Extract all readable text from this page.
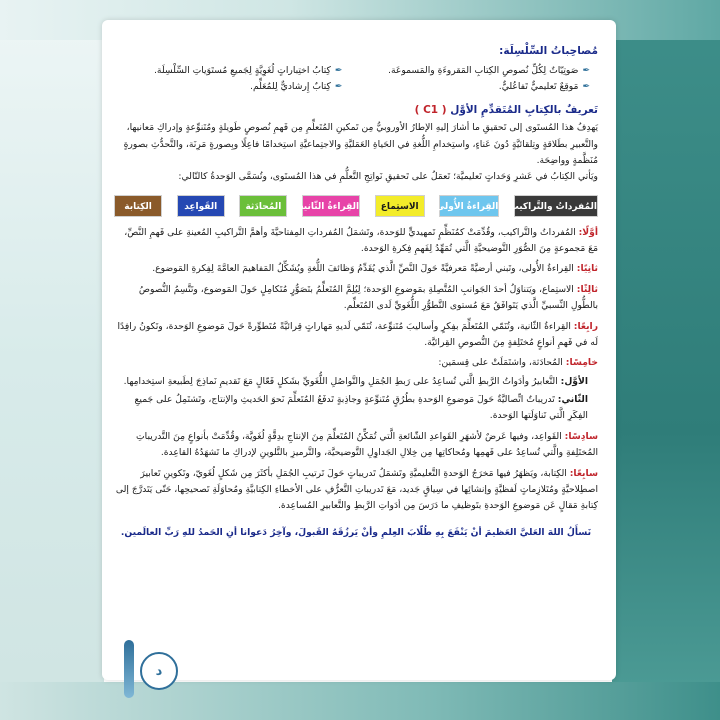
مُصاحِباتُ السِّلْسِلَة:
✒صَوتِيّاتٌ لِكُلِّ نُصوصِ الكِتابِ المَقروءَةِ والمَسموعَة.
✒مَوقِعٌ تَعليميٌّ تَفاعُليٌّ.
✒كِتابُ اختِباراتٍ لُغَوِيَّةٍ لِجَميعِ مُستَوَياتِ السِّلْسِلَة.
✒كِتابٌ إِرشاديٌّ لِلمُعَلِّم.
تَعريفٌ بالكِتابِ المُتَقدِّمِ الأوَّل ( C1 )

يَهدِفُ هذا المُستَوى إلى تَحقيقِ ما أشارَ إليهِ الإطارُ الأوروبيُّ مِن تَمكينِ المُتَعلِّمِ مِن فَهمِ نُصوصٍ طَويلةٍ ومُتَنوِّعةٍ وإدراكِ مَعانيها، والتَّعبيرِ بطَلاقةٍ وتِلقائيَّةٍ دُونَ عَناءٍ، واستِخدامِ اللُّغةِ في الحَياةِ العَمَليَّةِ والاجتِماعيَّةِ استِخدامًا فاعِلًا وبِصورةٍ مَرِنَة، والتَّحدُّثِ بصورةٍ مُنَظَّمةٍ وواضِحَة.

ويَأتي الكِتابُ في عَشرِ وَحَداتٍ تَعليميَّة؛ تَعمَلُ على تَحقيقِ نَواتِجِ التَّعلُّمِ في هذا المُستَوى، وتُسَمَّى الوَحدةُ كالتّالي:

المُفرداتُ والتَّراكيب
القِراءةُ الأُولى
الاستِماع
القِراءةُ الثّانية
المُحادَثة
القَواعِد
الكِتابة

أوَّلًا: المُفرداتُ والتَّراكيب، وقُدِّمَتْ كمُنَظِّمٍ تَمهيديٍّ للوَحدة، وتَشمَلُ المُفرداتِ المِفتاحيَّةَ وأهمَّ التَّراكيبِ المُعينةِ على فَهمِ النَّصِّ، مَعَ مَجموعةٍ مِنَ الصُّوَرِ التَّوضيحيَّةِ الَّتي تُمَهِّدُ لِفَهمِ فِكرةِ الوَحدة.

ثانِيًا: القِراءةُ الأُولى، وتَبني أرضيَّةً مَعرفيَّةً حَولَ النَّصِّ الَّذي يُقَدِّمُ وَظائفَ اللُّغةِ ويُشَكِّلُ المَفاهيمَ العامَّةَ لِفِكرةِ المَوضوع.

ثالِثًا: الاستِماع، ويَتناوَلُ أحدَ الجَوانبِ المُتَّصِلةِ بمَوضوعِ الوَحدة؛ لِيُلِمَّ المُتَعلِّمُ بتَصَوُّرٍ مُتَكامِلٍ حَولَ المَوضوع، وتَتَّسِمُ النُّصوصُ بالطُّولِ النِّسبيِّ الَّذي يَتَوافَقُ مَعَ مُستوى التَّطوُّرِ اللُّغَويِّ لَدى المُتَعلِّم.

رابِعًا: القِراءةُ الثّانية، وتُنَمّي المُتَعلِّمَ بفِكرٍ وأساليبَ مُتَنوِّعة، تُنَمّي لَديهِ مَهاراتٍ قِرائيَّةً مُتَطوِّرةً حَولَ مَوضوعِ الوَحدة، وتَكونُ رافِدًا لَه في فَهمِ أنواعٍ مُختَلِفةٍ مِنَ النُّصوصِ القِرائيَّة.

خامِسًا: المُحادَثة، واشتَمَلَتْ على قِسمَين:

الأوَّل: التَّعابيرُ وأدَواتُ الرَّبطِ الَّتي تُساعِدُ على رَبطِ الجُمَلِ والتَّواصُلِ اللُّغَويِّ بشَكلٍ فَعّالٍ مَعَ تَقديمِ نَماذِجَ لِطَبيعةِ استِخدامِها.

الثّاني: تَدريباتٌ اتِّصاليَّةٌ حَولَ مَوضوعِ الوَحدةِ بطُرُقٍ مُتَنوِّعةٍ وجاذِبةٍ تَدفَعُ المُتَعلِّمَ نَحوَ الحَديثِ والإنتاج، وتَشتَمِلُ على جَميعِ الفِكَرِ الَّتي تَناوَلَتها الوَحدة.

سادِسًا: القَواعِد، وفيها عَرضٌ لأشهَرِ القَواعدِ الشّائعةِ الَّتي تُمَكِّنُ المُتَعلِّمَ مِنَ الإنتاجِ بدِقَّةٍ لُغَويَّة، وقُدِّمَتْ بأنواعٍ مِنَ التَّدريباتِ المُختَلِفةِ والَّتي تُساعِدُ على فَهمِها ومُحاكاتِها مِن خِلالِ الجَداوِلِ التَّوضيحيَّة، والتَّرميزِ بالتَّلوينِ لإدراكِ ما تَشهَدُهُ القاعِدة.

سابِعًا: الكِتابة، ويَظهَرُ فيها مَخرَجُ الوَحدةِ التَّعليميَّةِ وتَشمَلُ تَدريباتٍ حَولَ تَرتيبِ الجُمَلِ بأكثَرَ مِن شَكلٍ لُغَويّ، وتَكوينِ تَعابيرَ اصطِلاحيَّةٍ ومُتَلازِماتٍ لَفظيَّةٍ وإنشائِها في سِياقٍ جَديد، مَعَ تَدريباتِ التَّعرُّفِ على الأخطاءِ الكِتابيَّةِ ومُحاوَلَةِ تَصحيحِها، حَتّى يَتَدرَّجَ إلى كِتابةِ مَقالٍ عَن مَوضوعِ الوَحدةِ بتَوظيفِ ما دَرَسَ مِن أدَواتِ الرَّبطِ والتَّعابيرِ المُساعِدة.

نَسأَلُ اللهَ العَليَّ العَظيمَ أنْ يَنْفَعَ بِهِ طُلّابَ العِلمِ وأنْ يَرزُقَهُ القَبولَ، وآخِرُ دَعوانا أنِ الحَمدُ للهِ رَبِّ العالَمين.
د
